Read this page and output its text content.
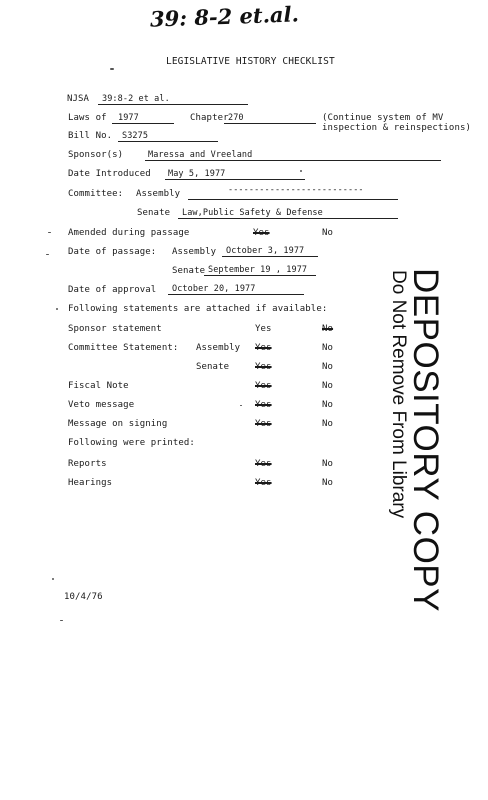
39: 8-2 et.al.
LEGISLATIVE HISTORY CHECKLIST
NJSA 39:8-2 et al.
Laws of 1977	Chapter 270	(Continue system of MV
inspection & reinspections)
Bill No. S3275
Sponsor(s)	Maressa and Vreeland
Date Introduced May 5, 1977
Committee: Assembly	--------------------------
Senate Law,Public Safety & Defense
Amended during passage	Yes	No
Date of passage: Assembly October 3, 1977
Senate September 19 , 1977
Date of approval October 20, 1977
Following statements are attached if available:
Sponsor statement	Yes	No
Committee Statement: Assembly Yes	No
Senate	Yes	No
Fiscal Note	Yes	No
Veto message	Yes	No
Message on signing	Yes	No
Following were printed:
Reports	Yes	No
Hearings	Yes	No DEPOSITORY COPY
Do Not Remove From Library
10/4/76
